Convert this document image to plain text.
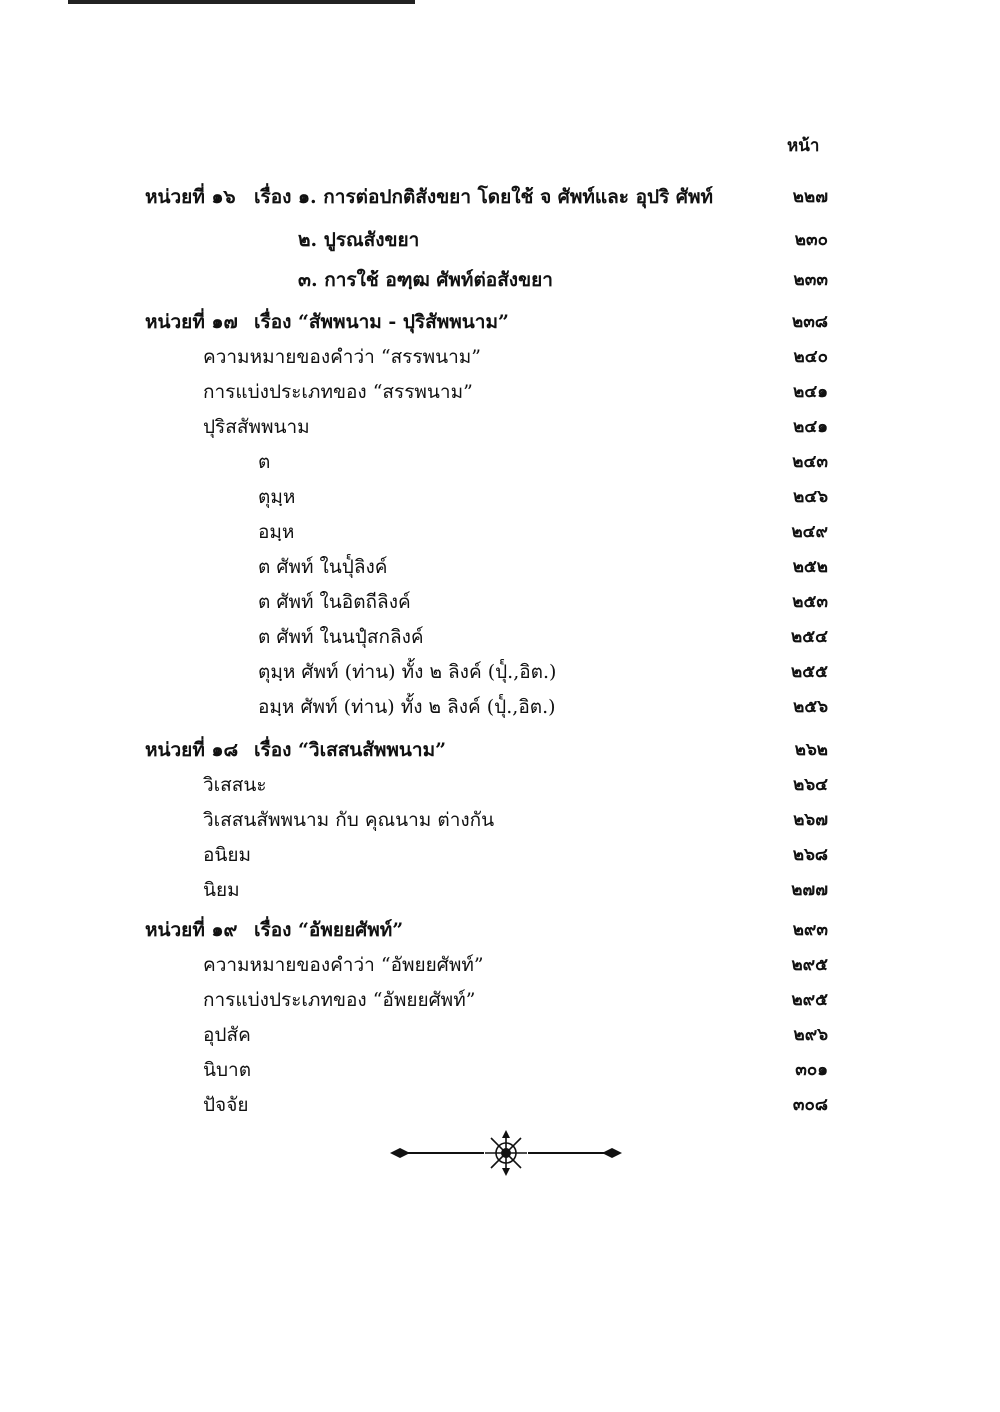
หน้า
หน่วยที่ ๑๖ เรื่อง ๑. การต่อปกติสังขยา โดยใช้ จ ศัพท์และ อุปริ ศัพท์	๒๒๗
๒. ปูรณสังขยา	๒๓๐
๓. การใช้ อฑฺฒ ศัพท์ต่อสังขยา	๒๓๓
หน่วยที่ ๑๗ เรื่อง “สัพพนาม - ปุริสัพพนาม”	๒๓๘
ความหมายของคำว่า “สรรพนาม”	๒๔๐
การแบ่งประเภทของ “สรรพนาม”	๒๔๑
ปุริสสัพพนาม	๒๔๑
ต	๒๔๓
ตุมฺห	๒๔๖
อมฺห	๒๔๙
ต ศัพท์ ในปุ๎ลิงค์	๒๕๒
ต ศัพท์ ในอิตถีลิงค์	๒๕๓
ต ศัพท์ ในนปุํสกลิงค์	๒๕๔
ตุมฺห ศัพท์ (ท่าน) ทั้ง ๒ ลิงค์ (ปุ๎.,อิต.)	๒๕๕
อมฺห ศัพท์ (ท่าน) ทั้ง ๒ ลิงค์ (ปุ๎.,อิต.)	๒๕๖
หน่วยที่ ๑๘ เรื่อง “วิเสสนสัพพนาม”	๒๖๒
วิเสสนะ	๒๖๔
วิเสสนสัพพนาม กับ คุณนาม ต่างกัน	๒๖๗
อนิยม	๒๖๘
นิยม	๒๗๗
หน่วยที่ ๑๙ เรื่อง “อัพยยศัพท์”	๒๙๓
ความหมายของคำว่า “อัพยยศัพท์”	๒๙๕
การแบ่งประเภทของ “อัพยยศัพท์”	๒๙๕
อุปสัค	๒๙๖
นิบาต	๓๐๑
ปัจจัย	๓๐๘
